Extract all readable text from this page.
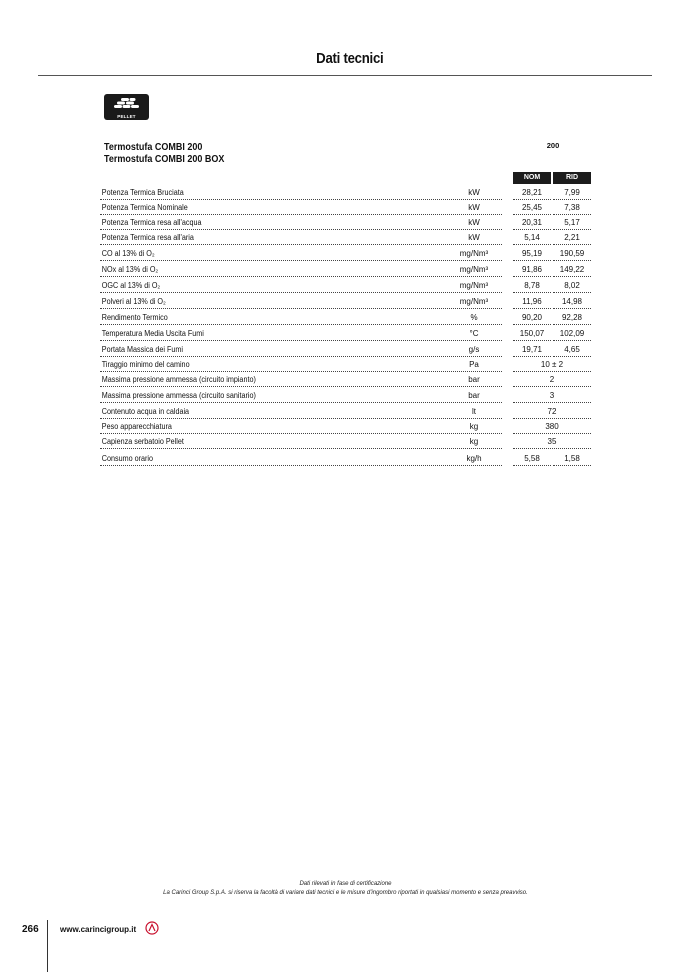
Dati tecnici
PELLET
Termostufa COMBI 200
Termostufa COMBI 200 BOX
200
NOM	RID
Potenza Termica Bruciata	kW	28,21	7,99
Potenza Termica Nominale	kW	25,45	7,38
Potenza Termica resa all'acqua	kW	20,31	5,17
Potenza Termica resa all'aria	kW	5,14	2,21
CO al 13% di O₂	mg/Nm³	95,19	190,59
NOx al 13% di O₂	mg/Nm³	91,86	149,22
OGC al 13% di O₂	mg/Nm³	8,78	8,02
Polveri al 13% di O₂	mg/Nm³	11,96	14,98
Rendimento Termico	%	90,20	92,28
Temperatura Media Uscita Fumi	°C	150,07	102,09
Portata Massica dei Fumi	g/s	19,71	4,65
Tiraggio minimo del camino	Pa	10 ± 2
Massima pressione ammessa (circuito impianto)	bar	2
Massima pressione ammessa (circuito sanitario)	bar	3
Contenuto acqua in caldaia	lt	72
Peso apparecchiatura	kg	380
Capienza serbatoio Pellet	kg	35
Consumo orario	kg/h	5,58	1,58
Dati rilevati in fase di certificazione
La Carinci Group S.p.A. si riserva la facoltà di variare dati tecnici e le misure d'ingombro riportati in qualsiasi momento e senza preavviso.
266	www.carincigroup.it
